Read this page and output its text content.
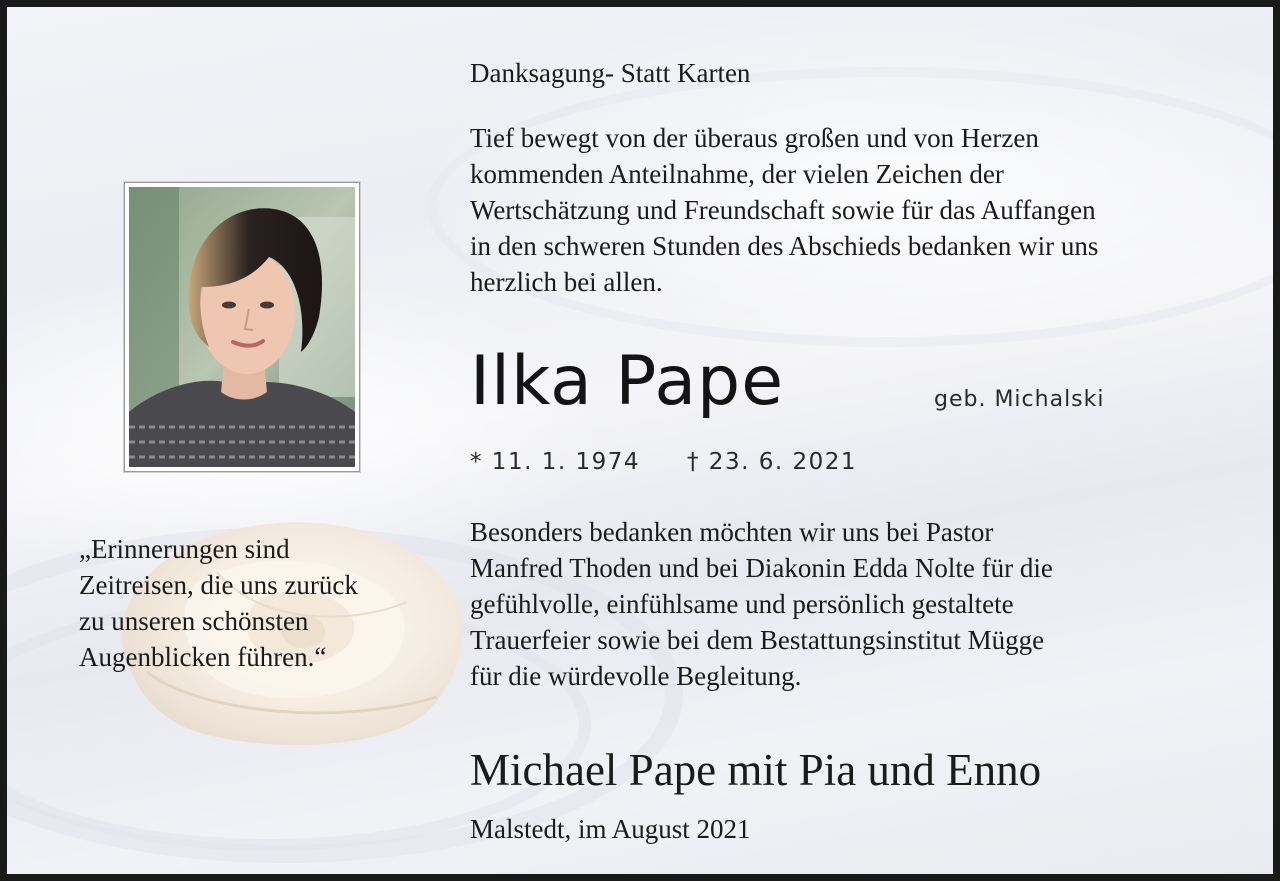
Danksagung- Statt Karten

Tief bewegt von der überaus großen und von Herzen
kommenden Anteilnahme, der vielen Zeichen der
Wertschätzung und Freundschaft sowie für das Auffangen
in den schweren Stunden des Abschieds bedanken wir uns
herzlich bei allen.

Ilka Pape	geb. Michalski
* 11. 1. 1974 † 23. 6. 2021

Besonders bedanken möchten wir uns bei Pastor
Manfred Thoden und bei Diakonin Edda Nolte für die
gefühlvolle, einfühlsame und persönlich gestaltete
Trauerfeier sowie bei dem Bestattungsinstitut Mügge
für die würdevolle Begleitung.

„Erinnerungen sind
Zeitreisen, die uns zurück
zu unseren schönsten
Augenblicken führen.“

Michael Pape mit Pia und Enno
Malstedt, im August 2021
